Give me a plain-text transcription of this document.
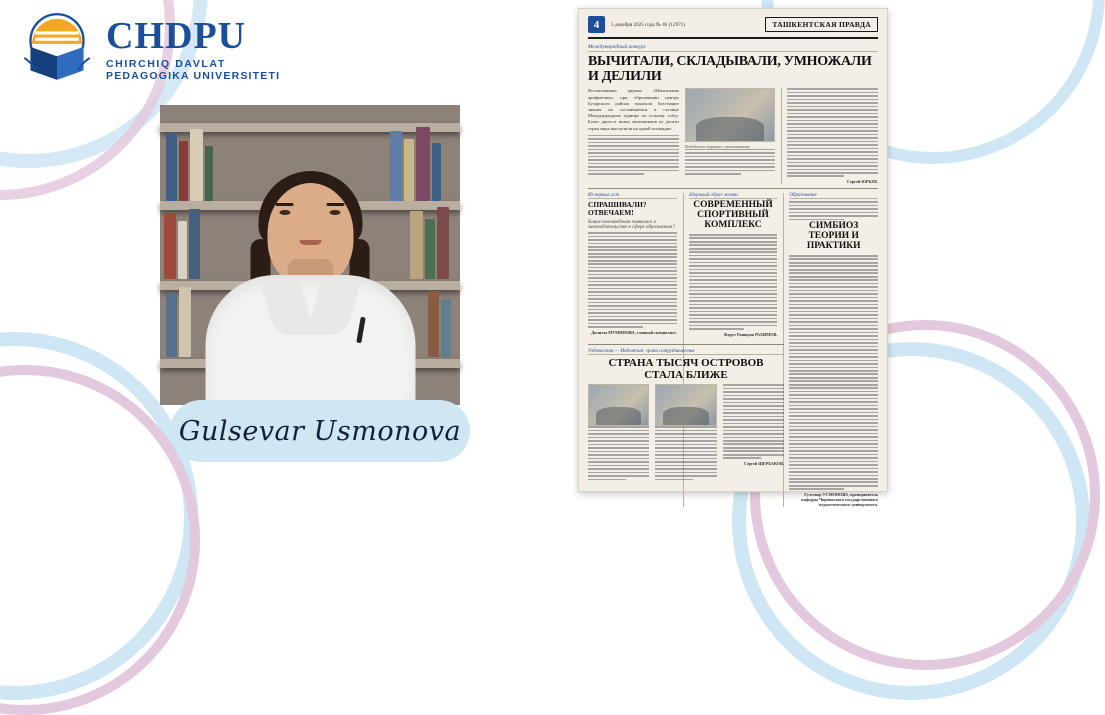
CHDPU
CHIRCHIQ DAVLAT
PEDAGOGIKA UNIVERSITETI
Gulsevar Usmonova
4	5 декабря 2025 года № 46 (12971)	ТАШКЕНТСКАЯ ПРАВДА
Международный конкурс
ВЫЧИТАЛИ, СКЛАДЫВАЛИ, УМНОЖАЛИ И ДЕЛИЛИ
Воспитанники кружка «Ментальная арифметика» при образовании центра Бухарского района показали блестящие знания на состоявшемся в столице Международном турнире по устному счёту. Более двухсот юных математиков из десяти стран мира выступили на одной площадке.
Победители турнира с наставниками.
Сергей ЮРЬЕВ.
Из первых уст
СПРАШИВАЛИ? ОТВЕЧАЕМ!
Какие нововведения появились в законодательстве в сфере образования?
Дилноза МУМИНОВА, главный специалист.
Здоровый образ жизни
СОВРЕМЕННЫЙ СПОРТИВНЫЙ КОМПЛЕКС
Фарух Рашидов РАХИМОВ.
Образование
СИМБИОЗ ТЕОРИИ И ПРАКТИКИ
Гулсевар УСМОНОВА, преподаватель кафедры Чирчикского государственного педагогического университета.
Узбекистан — Индонезия: грани сотрудничества
СТРАНА ТЫСЯЧ ОСТРОВОВ СТАЛА БЛИЖЕ
Сергей ЩЕРБАКОВ.
